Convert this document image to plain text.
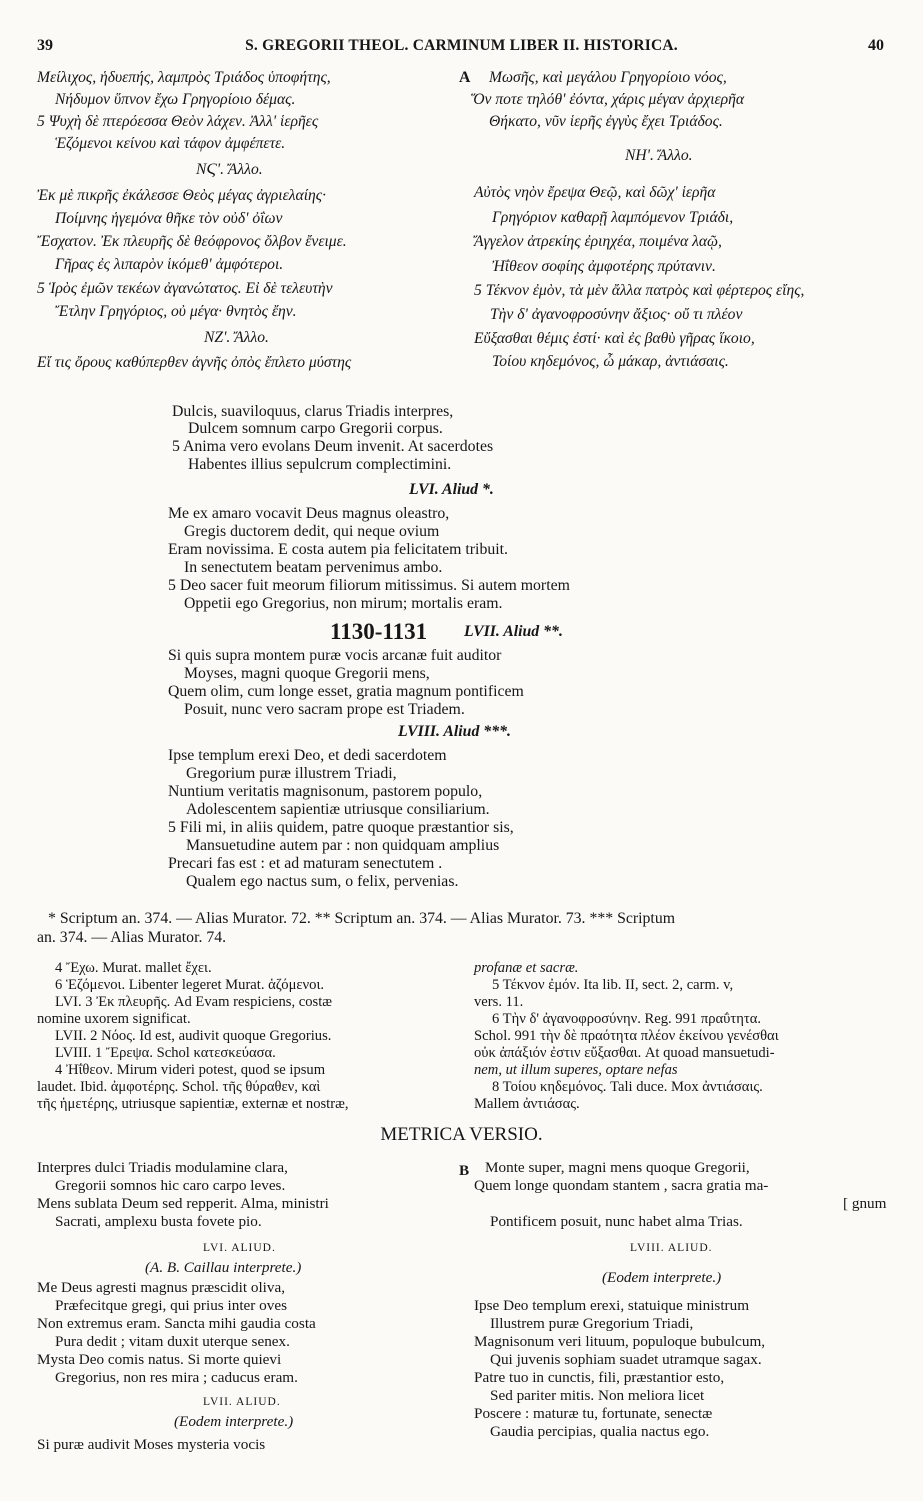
39	S. GREGORII THEOL. CARMINUM LIBER II. HISTORICA.	40
Μείλιχος, ἡδυεπής, λαμπρὸς Τριάδος ὑποφήτης,
Νήδυμον ὕπνον ἔχω Γρηγορίοιο δέμας.
5 Ψυχὴ δὲ πτερόεσσα Θεὸν λάχεν. Ἀλλ' ἱερῆες
Ἑζόμενοι κείνου καὶ τάφον ἀμφέπετε.
ΝϚ'. Ἄλλο.
Ἐκ μὲ πικρῆς ἐκάλεσσε Θεὸς μέγας ἀγριελαίης·
Ποίμνης ἡγεμόνα θῆκε τὸν οὐδ' ὀΐων
Ἔσχατον. Ἐκ πλευρῆς δὲ θεόφρονος ὄλβον ἔνειμε.
Γῆρας ἐς λιπαρὸν ἱκόμεθ' ἀμφότεροι.
5 Ἱρὸς ἐμῶν τεκέων ἀγανώτατος. Εἰ δὲ τελευτὴν
Ἔτλην Γρηγόριος, οὐ μέγα· θνητὸς ἔην.
ΝΖ'. Ἄλλο.
Εἴ τις ὄρους καθύπερθεν ἁγνῆς ὀπὸς ἔπλετο μύστης
A Μωσῆς, καὶ μεγάλου Γρηγορίοιο νόος,
Ὅν ποτε τηλόθ' ἐόντα, χάρις μέγαν ἀρχιερῆα
Θήκατο, νῦν ἱερῆς ἐγγὺς ἔχει Τριάδος.
ΝΗ'. Ἄλλο.
Αὐτὸς νηὸν ἔρεψα Θεῷ, καὶ δῶχ' ἱερῆα
Γρηγόριον καθαρῇ λαμπόμενον Τριάδι,
Ἄγγελον ἀτρεκίης ἐριηχέα, ποιμένα λαῷ,
Ἠΐθεον σοφίης ἀμφοτέρης πρύτανιν.
5 Τέκνον ἐμὸν, τὰ μὲν ἄλλα πατρὸς καὶ φέρτερος εἴης,
Τὴν δ' ἀγανοφροσύνην ἄξιος· οὔ τι πλέον
Εὔξασθαι θέμις ἐστί· καὶ ἐς βαθὺ γῆρας ἵκοιο,
Τοίου κηδεμόνος, ὦ μάκαρ, ἀντιάσαις.
Dulcis, suaviloquus, clarus Triadis interpres,
Dulcem somnum carpo Gregorii corpus.
5 Anima vero evolans Deum invenit. At sacerdotes
Habentes illius sepulcrum complectimini.
LVI. Aliud *.
Me ex amaro vocavit Deus magnus oleastro,
Gregis ductorem dedit, qui neque ovium
Eram novissima. E costa autem pia felicitatem tribuit.
In senectutem beatam pervenimus ambo.
5 Deo sacer fuit meorum filiorum mitissimus. Si autem mortem
Oppetii ego Gregorius, non mirum; mortalis eram.
1130-1131 LVII. Aliud **.
Si quis supra montem puræ vocis arcanæ fuit auditor
Moyses, magni quoque Gregorii mens,
Quem olim, cum longe esset, gratia magnum pontificem
Posuit, nunc vero sacram prope est Triadem.
LVIII. Aliud ***.
Ipse templum erexi Deo, et dedi sacerdotem
Gregorium puræ illustrem Triadi,
Nuntium veritatis magnisonum, pastorem populo,
Adolescentem sapientiæ utriusque consiliarium.
5 Fili mi, in aliis quidem, patre quoque præstantior sis,
Mansuetudine autem par : non quidquam amplius
Precari fas est : et ad maturam senectutem .
Qualem ego nactus sum, o felix, pervenias.
* Scriptum an. 374. — Alias Murator. 72. ** Scriptum an. 374. — Alias Murator. 73. *** Scriptum
an. 374. — Alias Murator. 74.
4 Ἔχω. Murat. mallet ἔχει.
6 Ἑζόμενοι. Libenter legeret Murat. ἁζόμενοι.
LVI. 3 Ἐκ πλευρῆς. Ad Evam respiciens, costæ
nomine uxorem significat.
LVII. 2 Νόος. Id est, audivit quoque Gregorius.
LVIII. 1 Ἔρεψα. Schol κατεσκεύασα.
4 Ἠΐθεον. Mirum videri potest, quod se ipsum
laudet. Ibid. ἀμφοτέρης. Schol. τῆς θύραθεν, καὶ
τῆς ἡμετέρης, utriusque sapientiæ, externæ et nostræ,
profanæ et sacræ.
5 Τέκνον ἐμόν. Ita lib. II, sect. 2, carm. v,
vers. 11.
6 Τὴν δ' ἀγανοφροσύνην. Reg. 991 πραΰτητα.
Schol. 991 τὴν δὲ πραότητα πλέον ἐκείνου γενέσθαι
οὐκ ἀπάξιόν ἐστιν εὔξασθαι. At quoad mansuetudi-
nem, ut illum superes, optare nefas
8 Τοίου κηδεμόνος. Tali duce. Mox ἀντιάσαις.
Mallem ἀντιάσας.
METRICA VERSIO.
Interpres dulci Triadis modulamine clara,
Gregorii somnos hic caro carpo leves.
Mens sublata Deum sed repperit. Alma, ministri
Sacrati, amplexu busta fovete pio.
LVI. ALIUD.
(A. B. Caillau interprete.)
Me Deus agresti magnus præscidit oliva,
Præfecitque gregi, qui prius inter oves
Non extremus eram. Sancta mihi gaudia costa
Pura dedit ; vitam duxit uterque senex.
Mysta Deo comis natus. Si morte quievi
Gregorius, non res mira ; caducus eram.
LVII. ALIUD.
(Eodem interprete.)
Si puræ audivit Moses mysteria vocis
B Monte super, magni mens quoque Gregorii,
Quem longe quondam stantem , sacra gratia ma-
[ gnum
Pontificem posuit, nunc habet alma Trias.
LVIII. ALIUD.
(Eodem interprete.)
Ipse Deo templum erexi, statuique ministrum
Illustrem puræ Gregorium Triadi,
Magnisonum veri lituum, populoque bubulcum,
Qui juvenis sophiam suadet utramque sagax.
Patre tuo in cunctis, fili, præstantior esto,
Sed pariter mitis. Non meliora licet
Poscere : maturæ tu, fortunate, senectæ
Gaudia percipias, qualia nactus ego.
